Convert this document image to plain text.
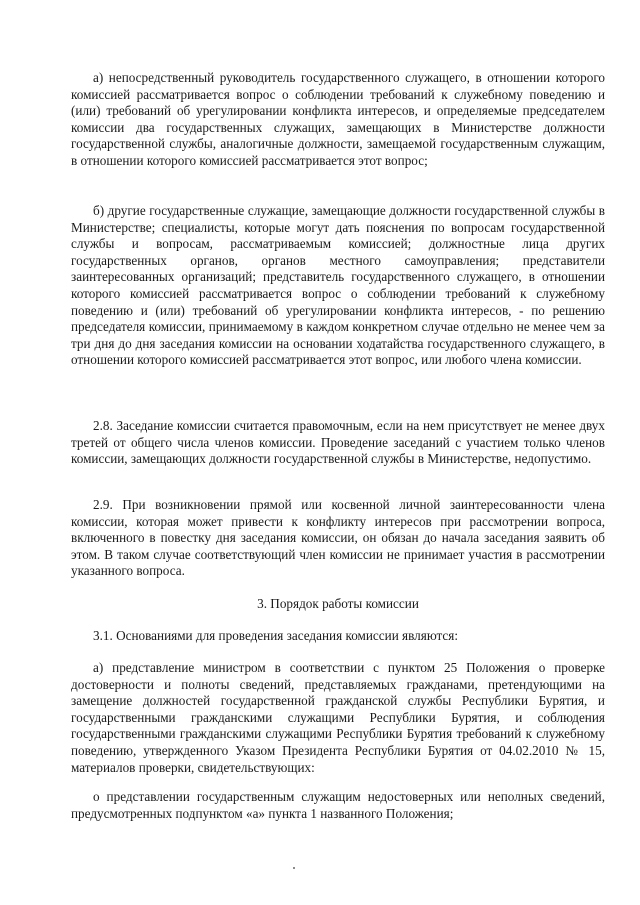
а) непосредственный руководитель государственного служащего, в отношении которого комиссией рассматривается вопрос о соблюдении требований к служебному поведению и (или) требований об урегулировании конфликта интересов, и определяемые председателем комиссии два государственных служащих, замещающих в Министерстве должности государственной службы, аналогичные должности, замещаемой государственным служащим, в отношении которого комиссией рассматривается этот вопрос;

б) другие государственные служащие, замещающие должности государственной службы в Министерстве; специалисты, которые могут дать пояснения по вопросам государственной службы и вопросам, рассматриваемым комиссией; должностные лица других государственных органов, органов местного самоуправления; представители заинтересованных организаций; представитель государственного служащего, в отношении которого комиссией рассматривается вопрос о соблюдении требований к служебному поведению и (или) требований об урегулировании конфликта интересов, - по решению председателя комиссии, принимаемому в каждом конкретном случае отдельно не менее чем за три дня до дня заседания комиссии на основании ходатайства государственного служащего, в отношении которого комиссией рассматривается этот вопрос, или любого члена комиссии.

2.8. Заседание комиссии считается правомочным, если на нем присутствует не менее двух третей от общего числа членов комиссии. Проведение заседаний с участием только членов комиссии, замещающих должности государственной службы в Министерстве, недопустимо.

2.9. При возникновении прямой или косвенной личной заинтересованности члена комиссии, которая может привести к конфликту интересов при рассмотрении вопроса, включенного в повестку дня заседания комиссии, он обязан до начала заседания заявить об этом. В таком случае соответствующий член комиссии не принимает участия в рассмотрении указанного вопроса.

3. Порядок работы комиссии

3.1. Основаниями для проведения заседания комиссии являются:

а) представление министром в соответствии с пунктом 25 Положения о проверке достоверности и полноты сведений, представляемых гражданами, претендующими на замещение должностей государственной гражданской службы Республики Бурятия, и государственными гражданскими служащими Республики Бурятия, и соблюдения государственными гражданскими служащими Республики Бурятия требований к служебному поведению, утвержденного Указом Президента Республики Бурятия от 04.02.2010 № 15, материалов проверки, свидетельствующих:

о представлении государственным служащим недостоверных или неполных сведений, предусмотренных подпунктом «а» пункта 1 названного Положения;
